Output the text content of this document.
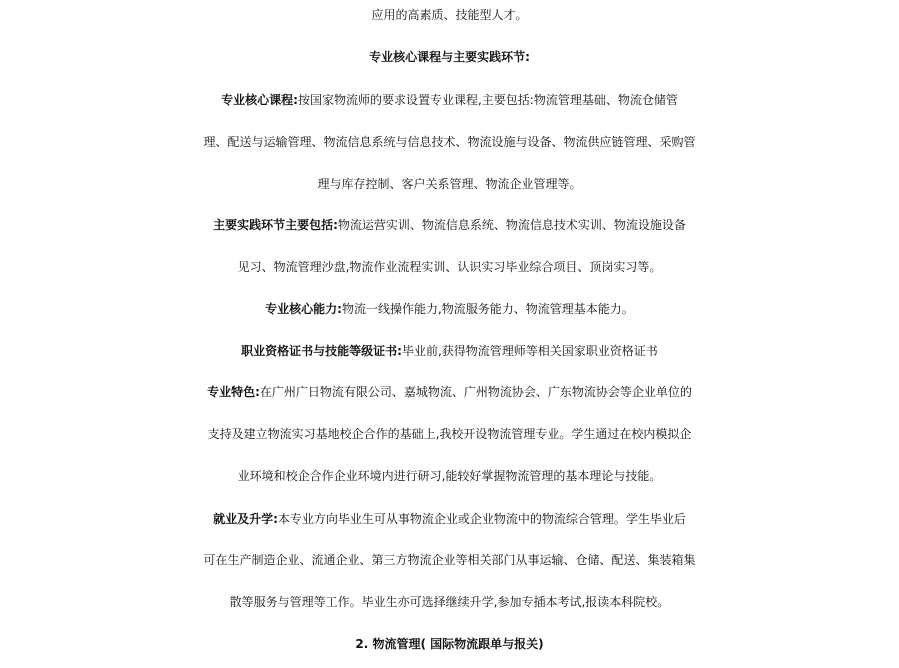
应用的高素质、技能型人才。
专业核心课程与主要实践环节:
专业核心课程:按国家物流师的要求设置专业课程,主要包括:物流管理基础、物流仓储管
理、配送与运输管理、物流信息系统与信息技术、物流设施与设备、物流供应链管理、采购管
理与库存控制、客户关系管理、物流企业管理等。
主要实践环节主要包括:物流运营实训、物流信息系统、物流信息技术实训、物流设施设备
见习、物流管理沙盘,物流作业流程实训、认识实习毕业综合项目、顶岗实习等。
专业核心能力:物流一线操作能力,物流服务能力、物流管理基本能力。
职业资格证书与技能等级证书:毕业前,获得物流管理师等相关国家职业资格证书
专业特色:在广州广日物流有限公司、嘉城物流、广州物流协会、广东物流协会等企业单位的
支持及建立物流实习基地校企合作的基础上,我校开设物流管理专业。学生通过在校内模拟企
业环境和校企合作企业环境内进行研习,能较好掌握物流管理的基本理论与技能。
就业及升学:本专业方向毕业生可从事物流企业或企业物流中的物流综合管理。学生毕业后
可在生产制造企业、流通企业、第三方物流企业等相关部门从事运输、仓储、配送、集装箱集
散等服务与管理等工作。毕业生亦可选择继续升学,参加专插本考试,报读本科院校。
2. 物流管理( 国际物流跟单与报关)
